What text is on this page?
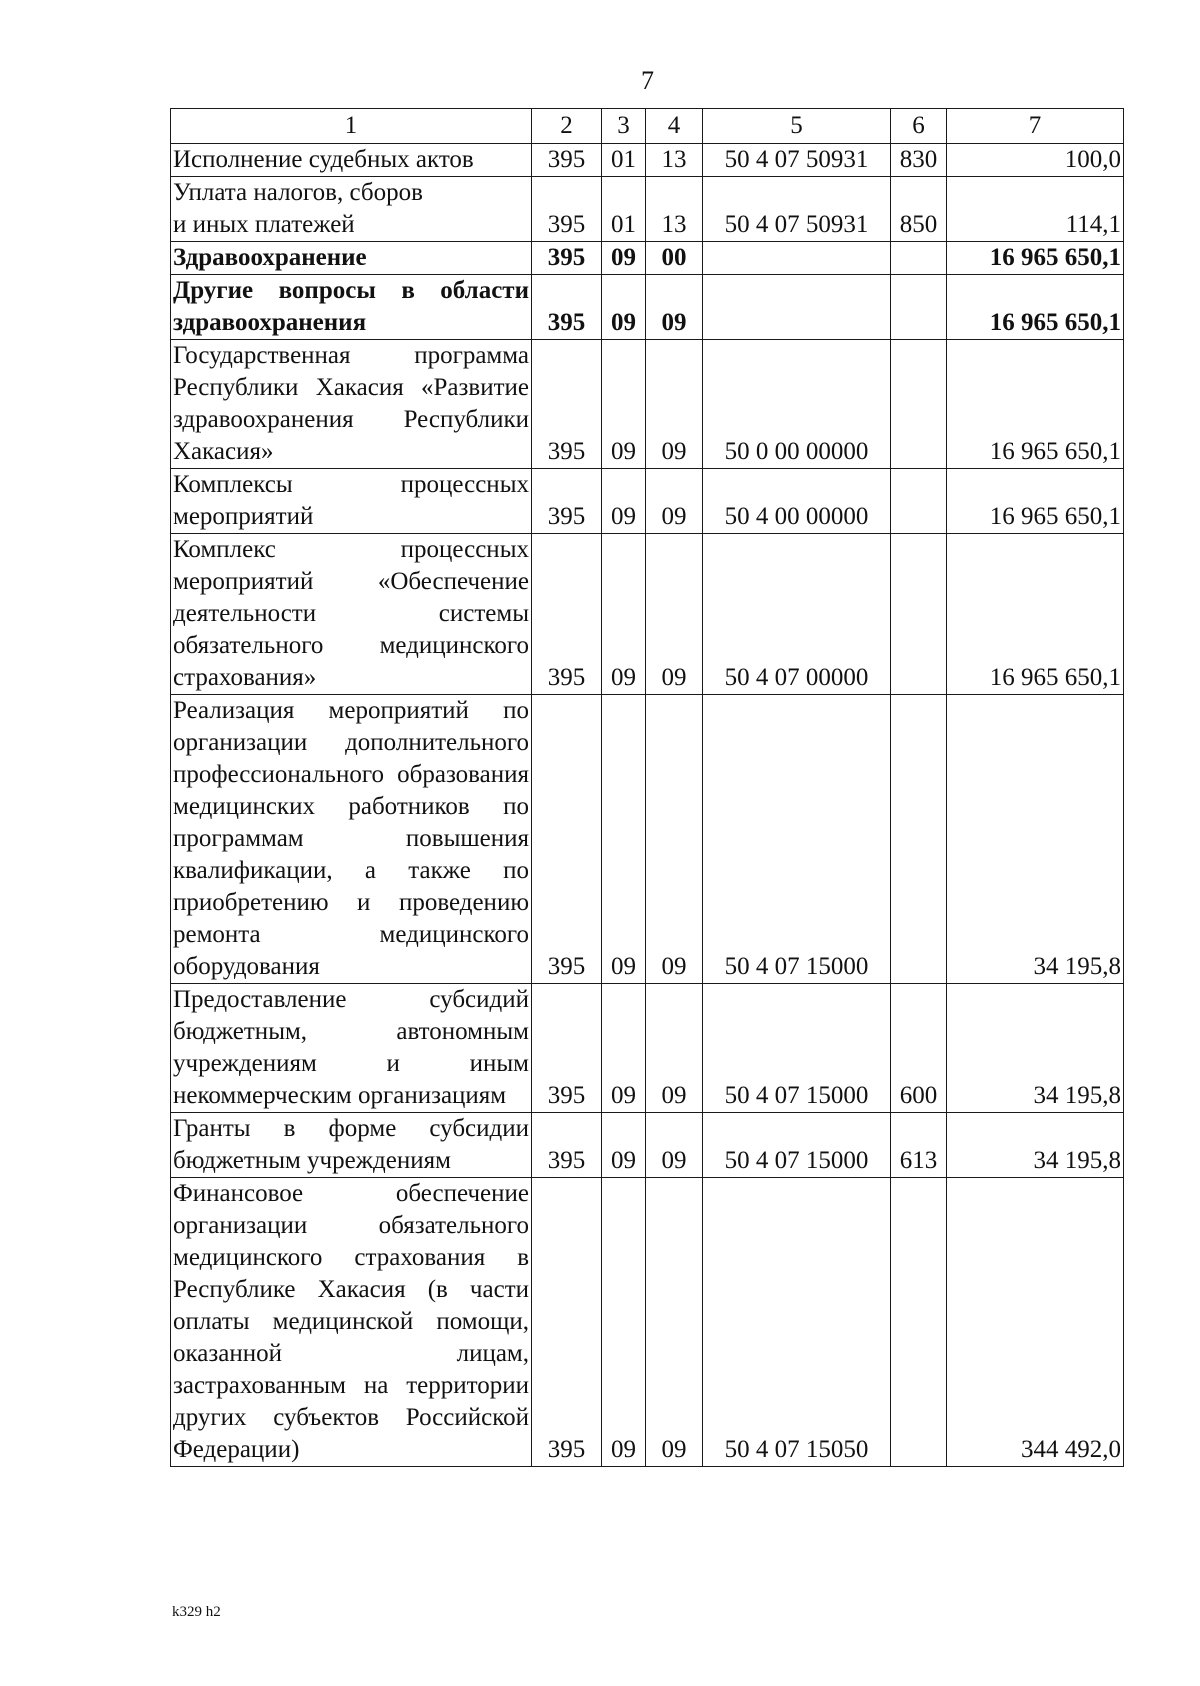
7
1	2	3	4	5	6	7
Исполнение судебных актов	395	01	13	50 4 07 50931	830	100,0

Уплата налогов, сборов
и иных платежей	395	01	13	50 4 07 50931	850	114,1
Здравоохранение	395	09	00			16 965 650,1
Другие вопросы в области здравоохранения	395	09	09			16 965 650,1
Государственная программа Республики Хакасия «Развитие здравоохранения Республики Хакасия»	395	09	09	50 0 00 00000		16 965 650,1
Комплексы процессных мероприятий	395	09	09	50 4 00 00000		16 965 650,1
Комплекс процессных мероприятий «Обеспечение деятельности системы обязательного медицинского страхования»	395	09	09	50 4 07 00000		16 965 650,1
Реализация мероприятий по организации дополнительного профессионального образования медицинских работников по программам повышения квалификации, а также по приобретению и проведению ремонта медицинского оборудования	395	09	09	50 4 07 15000		34 195,8
Предоставление субсидий бюджетным, автономным учреждениям и иным некоммерческим организациям	395	09	09	50 4 07 15000	600	34 195,8
Гранты в форме субсидии бюджетным учреждениям	395	09	09	50 4 07 15000	613	34 195,8
Финансовое обеспечение организации обязательного медицинского страхования в Республике Хакасия (в части оплаты медицинской помощи, оказанной лицам, застрахованным на территории других субъектов Российской Федерации)	395	09	09	50 4 07 15050		344 492,0
k329 h2
